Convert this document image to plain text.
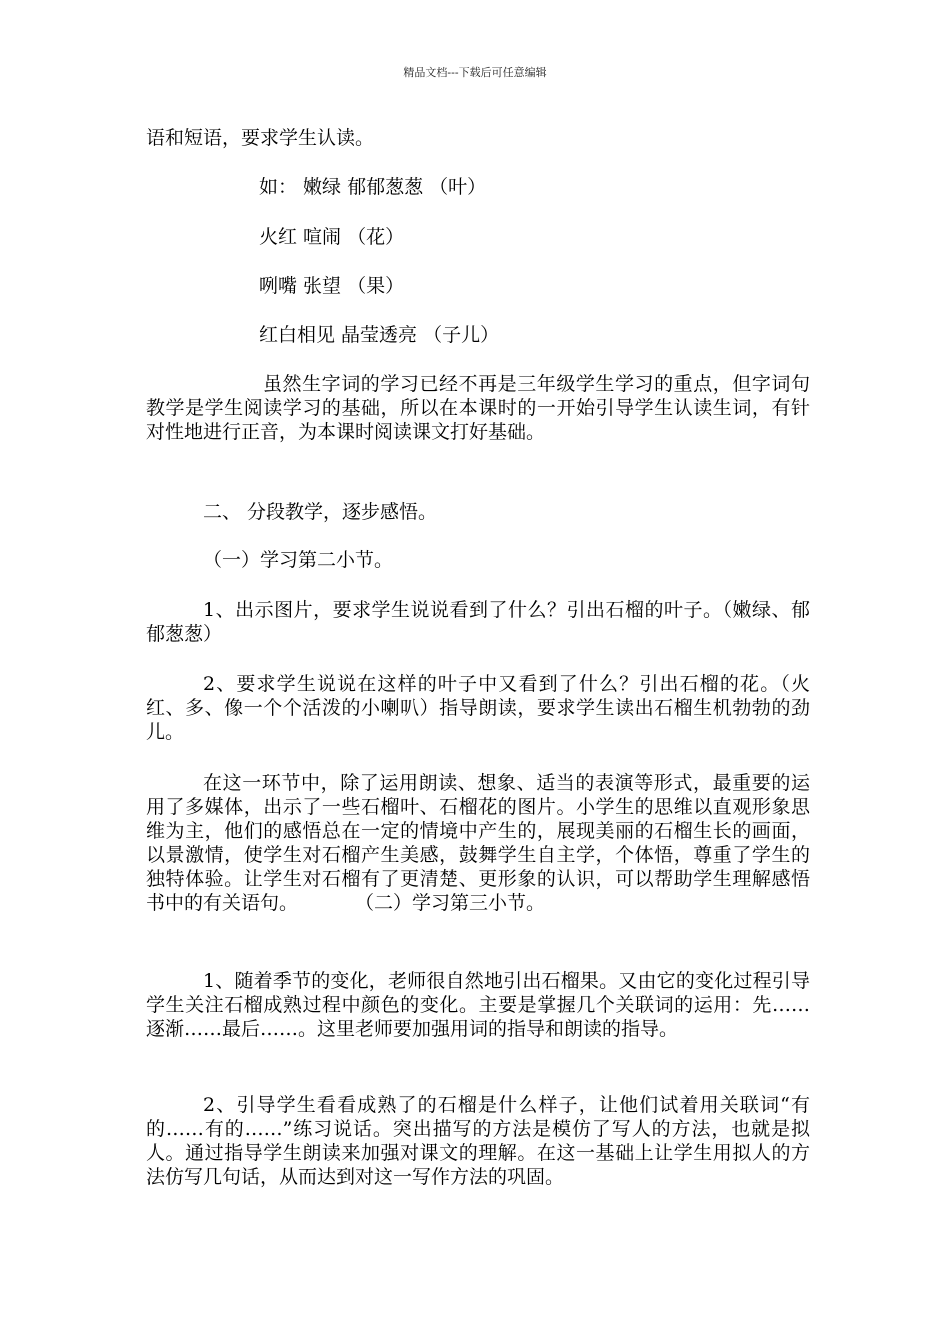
精品文档---下载后可任意编辑
语和短语，要求学生认读。
如： 嫩绿 郁郁葱葱 （叶）
火红 喧闹 （花）
咧嘴 张望 （果）
红白相见 晶莹透亮 （子儿）

虽然生字词的学习已经不再是三年级学生学习的重点，但字词句教学是学生阅读学习的基础，所以在本课时的一开始引导学生认读生词，有针对性地进行正音，为本课时阅读课文打好基础。

二、 分段教学，逐步感悟。
（一）学习第二小节。

1、出示图片，要求学生说说看到了什么？引出石榴的叶子。（嫩绿、郁郁葱葱）

2、要求学生说说在这样的叶子中又看到了什么？引出石榴的花。（火红、多、像一个个活泼的小喇叭）指导朗读，要求学生读出石榴生机勃勃的劲儿。

在这一环节中，除了运用朗读、想象、适当的表演等形式，最重要的运用了多媒体，出示了一些石榴叶、石榴花的图片。小学生的思维以直观形象思维为主，他们的感悟总在一定的情境中产生的，展现美丽的石榴生长的画面，以景激情，使学生对石榴产生美感，鼓舞学生自主学，个体悟，尊重了学生的独特体验。让学生对石榴有了更清楚、更形象的认识，可以帮助学生理解感悟书中的有关语句。	（二）学习第三小节。

1、随着季节的变化，老师很自然地引出石榴果。又由它的变化过程引导学生关注石榴成熟过程中颜色的变化。主要是掌握几个关联词的运用：先……逐渐……最后……。这里老师要加强用词的指导和朗读的指导。

2、引导学生看看成熟了的石榴是什么样子，让他们试着用关联词“有的……有的……”练习说话。突出描写的方法是模仿了写人的方法，也就是拟人。通过指导学生朗读来加强对课文的理解。在这一基础上让学生用拟人的方法仿写几句话，从而达到对这一写作方法的巩固。
